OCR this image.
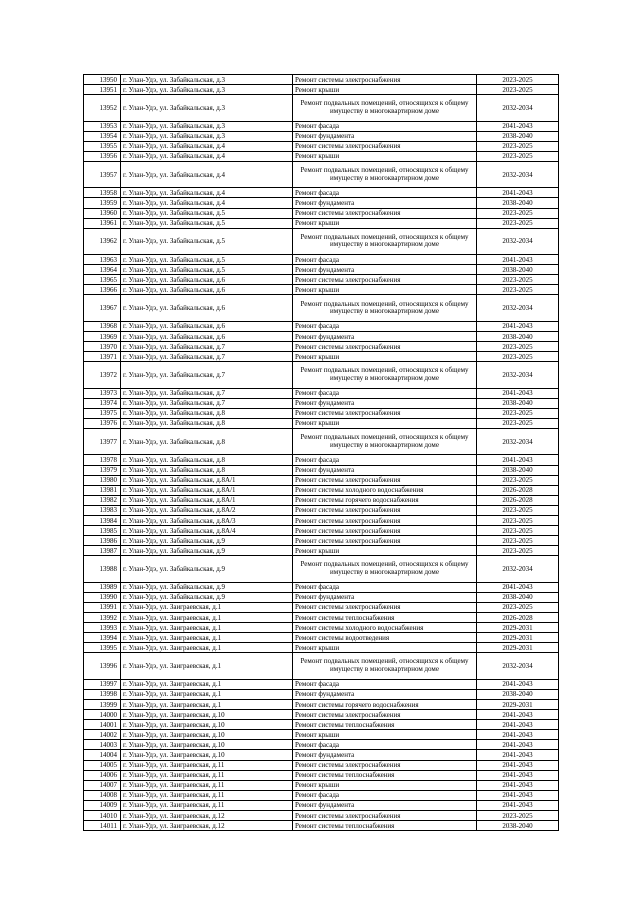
13950	г. Улан-Удэ, ул. Забайкальская, д.3	Ремонт системы электроснабжения	2023-2025
13951	г. Улан-Удэ, ул. Забайкальская, д.3	Ремонт крыши	2023-2025
13952	г. Улан-Удэ, ул. Забайкальская, д.3	Ремонт подвальных помещений, относящихся к общему имуществу в многоквартирном доме	2032-2034
13953	г. Улан-Удэ, ул. Забайкальская, д.3	Ремонт фасада	2041-2043
13954	г. Улан-Удэ, ул. Забайкальская, д.3	Ремонт фундамента	2038-2040
13955	г. Улан-Удэ, ул. Забайкальская, д.4	Ремонт системы электроснабжения	2023-2025
13956	г. Улан-Удэ, ул. Забайкальская, д.4	Ремонт крыши	2023-2025
13957	г. Улан-Удэ, ул. Забайкальская, д.4	Ремонт подвальных помещений, относящихся к общему имуществу в многоквартирном доме	2032-2034
13958	г. Улан-Удэ, ул. Забайкальская, д.4	Ремонт фасада	2041-2043
13959	г. Улан-Удэ, ул. Забайкальская, д.4	Ремонт фундамента	2038-2040
13960	г. Улан-Удэ, ул. Забайкальская, д.5	Ремонт системы электроснабжения	2023-2025
13961	г. Улан-Удэ, ул. Забайкальская, д.5	Ремонт крыши	2023-2025
13962	г. Улан-Удэ, ул. Забайкальская, д.5	Ремонт подвальных помещений, относящихся к общему имуществу в многоквартирном доме	2032-2034
13963	г. Улан-Удэ, ул. Забайкальская, д.5	Ремонт фасада	2041-2043
13964	г. Улан-Удэ, ул. Забайкальская, д.5	Ремонт фундамента	2038-2040
13965	г. Улан-Удэ, ул. Забайкальская, д.6	Ремонт системы электроснабжения	2023-2025
13966	г. Улан-Удэ, ул. Забайкальская, д.6	Ремонт крыши	2023-2025
13967	г. Улан-Удэ, ул. Забайкальская, д.6	Ремонт подвальных помещений, относящихся к общему имуществу в многоквартирном доме	2032-2034
13968	г. Улан-Удэ, ул. Забайкальская, д.6	Ремонт фасада	2041-2043
13969	г. Улан-Удэ, ул. Забайкальская, д.6	Ремонт фундамента	2038-2040
13970	г. Улан-Удэ, ул. Забайкальская, д.7	Ремонт системы электроснабжения	2023-2025
13971	г. Улан-Удэ, ул. Забайкальская, д.7	Ремонт крыши	2023-2025
13972	г. Улан-Удэ, ул. Забайкальская, д.7	Ремонт подвальных помещений, относящихся к общему имуществу в многоквартирном доме	2032-2034
13973	г. Улан-Удэ, ул. Забайкальская, д.7	Ремонт фасада	2041-2043
13974	г. Улан-Удэ, ул. Забайкальская, д.7	Ремонт фундамента	2038-2040
13975	г. Улан-Удэ, ул. Забайкальская, д.8	Ремонт системы электроснабжения	2023-2025
13976	г. Улан-Удэ, ул. Забайкальская, д.8	Ремонт крыши	2023-2025
13977	г. Улан-Удэ, ул. Забайкальская, д.8	Ремонт подвальных помещений, относящихся к общему имуществу в многоквартирном доме	2032-2034
13978	г. Улан-Удэ, ул. Забайкальская, д.8	Ремонт фасада	2041-2043
13979	г. Улан-Удэ, ул. Забайкальская, д.8	Ремонт фундамента	2038-2040
13980	г. Улан-Удэ, ул. Забайкальская, д.8А/1	Ремонт системы электроснабжения	2023-2025
13981	г. Улан-Удэ, ул. Забайкальская, д.8А/1	Ремонт системы холодного водоснабжения	2026-2028
13982	г. Улан-Удэ, ул. Забайкальская, д.8А/1	Ремонт системы горячего водоснабжения	2026-2028
13983	г. Улан-Удэ, ул. Забайкальская, д.8А/2	Ремонт системы электроснабжения	2023-2025
13984	г. Улан-Удэ, ул. Забайкальская, д.8А/3	Ремонт системы электроснабжения	2023-2025
13985	г. Улан-Удэ, ул. Забайкальская, д.8А/4	Ремонт системы электроснабжения	2023-2025
13986	г. Улан-Удэ, ул. Забайкальская, д.9	Ремонт системы электроснабжения	2023-2025
13987	г. Улан-Удэ, ул. Забайкальская, д.9	Ремонт крыши	2023-2025
13988	г. Улан-Удэ, ул. Забайкальская, д.9	Ремонт подвальных помещений, относящихся к общему имуществу в многоквартирном доме	2032-2034
13989	г. Улан-Удэ, ул. Забайкальская, д.9	Ремонт фасада	2041-2043
13990	г. Улан-Удэ, ул. Забайкальская, д.9	Ремонт фундамента	2038-2040
13991	г. Улан-Удэ, ул. Заиграевская, д.1	Ремонт системы электроснабжения	2023-2025
13992	г. Улан-Удэ, ул. Заиграевская, д.1	Ремонт системы теплоснабжения	2026-2028
13993	г. Улан-Удэ, ул. Заиграевская, д.1	Ремонт системы холодного водоснабжения	2029-2031
13994	г. Улан-Удэ, ул. Заиграевская, д.1	Ремонт системы водоотведения	2029-2031
13995	г. Улан-Удэ, ул. Заиграевская, д.1	Ремонт крыши	2029-2031
13996	г. Улан-Удэ, ул. Заиграевская, д.1	Ремонт подвальных помещений, относящихся к общему имуществу в многоквартирном доме	2032-2034
13997	г. Улан-Удэ, ул. Заиграевская, д.1	Ремонт фасада	2041-2043
13998	г. Улан-Удэ, ул. Заиграевская, д.1	Ремонт фундамента	2038-2040
13999	г. Улан-Удэ, ул. Заиграевская, д.1	Ремонт системы горячего водоснабжения	2029-2031
14000	г. Улан-Удэ, ул. Заиграевская, д.10	Ремонт системы электроснабжения	2041-2043
14001	г. Улан-Удэ, ул. Заиграевская, д.10	Ремонт системы теплоснабжения	2041-2043
14002	г. Улан-Удэ, ул. Заиграевская, д.10	Ремонт крыши	2041-2043
14003	г. Улан-Удэ, ул. Заиграевская, д.10	Ремонт фасада	2041-2043
14004	г. Улан-Удэ, ул. Заиграевская, д.10	Ремонт фундамента	2041-2043
14005	г. Улан-Удэ, ул. Заиграевская, д.11	Ремонт системы электроснабжения	2041-2043
14006	г. Улан-Удэ, ул. Заиграевская, д.11	Ремонт системы теплоснабжения	2041-2043
14007	г. Улан-Удэ, ул. Заиграевская, д.11	Ремонт крыши	2041-2043
14008	г. Улан-Удэ, ул. Заиграевская, д.11	Ремонт фасада	2041-2043
14009	г. Улан-Удэ, ул. Заиграевская, д.11	Ремонт фундамента	2041-2043
14010	г. Улан-Удэ, ул. Заиграевская, д.12	Ремонт системы электроснабжения	2023-2025
14011	г. Улан-Удэ, ул. Заиграевская, д.12	Ремонт системы теплоснабжения	2038-2040
